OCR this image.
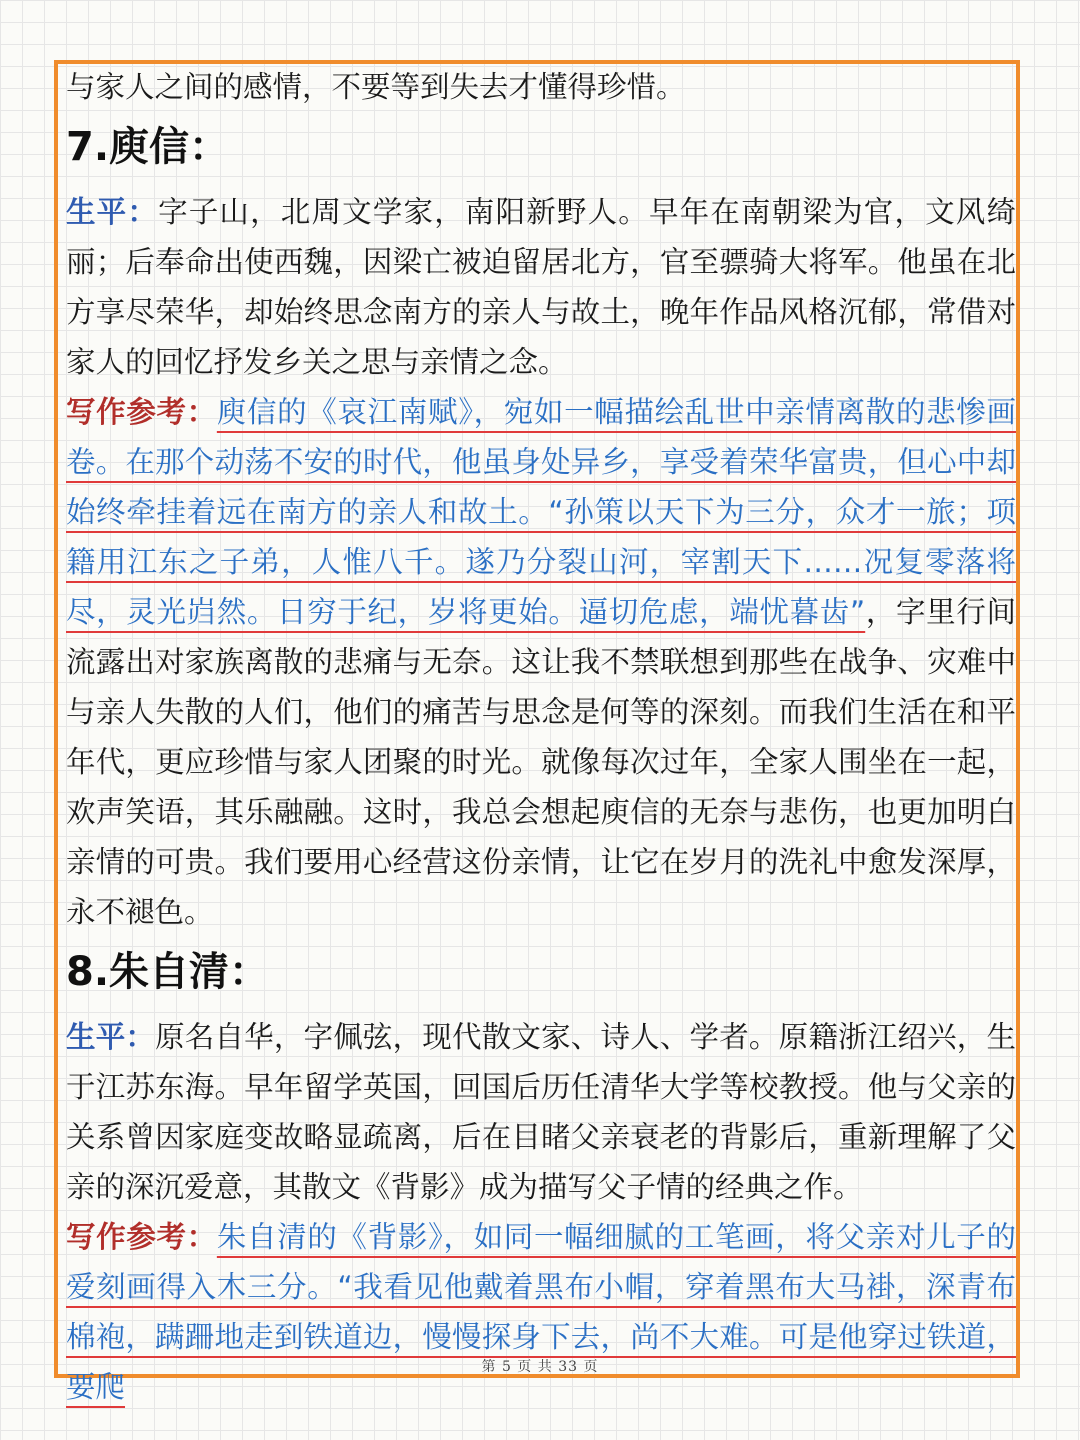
与家人之间的感情，不要等到失去才懂得珍惜。

7.庾信：

生平：字子山，北周文学家，南阳新野人。早年在南朝梁为官，文风绮丽；后奉命出使西魏，因梁亡被迫留居北方，官至骠骑大将军。他虽在北方享尽荣华，却始终思念南方的亲人与故土，晚年作品风格沉郁，常借对家人的回忆抒发乡关之思与亲情之念。

写作参考：庾信的《哀江南赋》，宛如一幅描绘乱世中亲情离散的悲惨画卷。在那个动荡不安的时代，他虽身处异乡，享受着荣华富贵，但心中却始终牵挂着远在南方的亲人和故土。“孙策以天下为三分，众才一旅；项籍用江东之子弟，人惟八千。遂乃分裂山河，宰割天下……况复零落将尽，灵光岿然。日穷于纪，岁将更始。逼切危虑，端忧暮齿”，字里行间流露出对家族离散的悲痛与无奈。这让我不禁联想到那些在战争、灾难中与亲人失散的人们，他们的痛苦与思念是何等的深刻。而我们生活在和平年代，更应珍惜与家人团聚的时光。就像每次过年，全家人围坐在一起，欢声笑语，其乐融融。这时，我总会想起庾信的无奈与悲伤，也更加明白亲情的可贵。我们要用心经营这份亲情，让它在岁月的洗礼中愈发深厚，永不褪色。

8.朱自清：

生平：原名自华，字佩弦，现代散文家、诗人、学者。原籍浙江绍兴，生于江苏东海。早年留学英国，回国后历任清华大学等校教授。他与父亲的关系曾因家庭变故略显疏离，后在目睹父亲衰老的背影后，重新理解了父亲的深沉爱意，其散文《背影》成为描写父子情的经典之作。

写作参考：朱自清的《背影》，如同一幅细腻的工笔画，将父亲对儿子的爱刻画得入木三分。“我看见他戴着黑布小帽，穿着黑布大马褂，深青布棉袍，蹒跚地走到铁道边，慢慢探身下去，尚不大难。可是他穿过铁道，要爬

第 5 页 共 33 页
